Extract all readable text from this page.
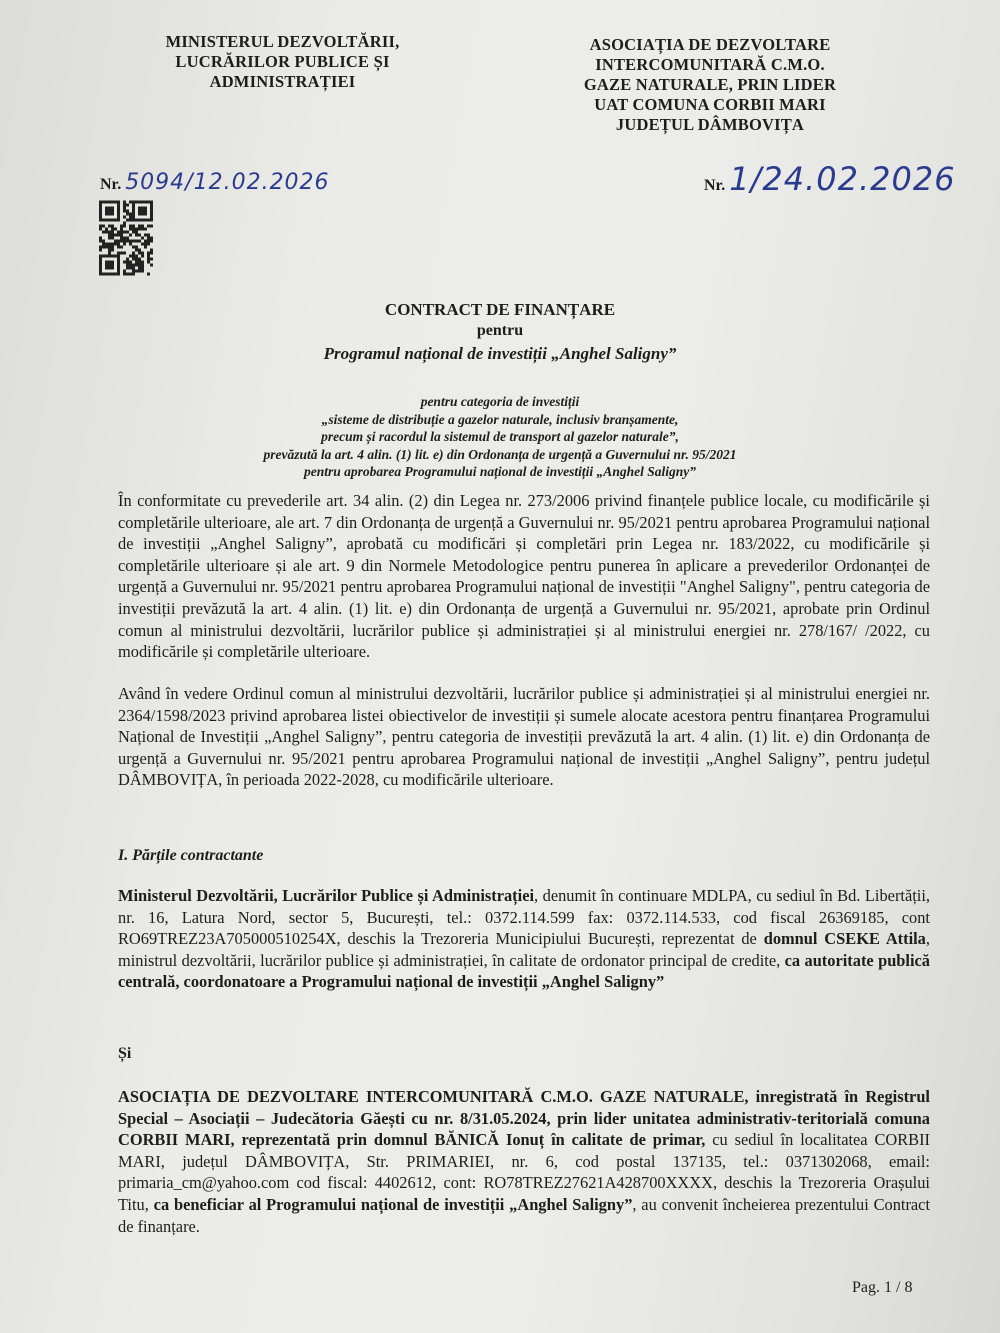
MINISTERUL DEZVOLTĂRII,
LUCRĂRILOR PUBLICE ȘI
ADMINISTRAȚIEI
ASOCIAȚIA DE DEZVOLTARE
INTERCOMUNITARĂ C.M.O.
GAZE NATURALE, PRIN LIDER
UAT COMUNA CORBII MARI
JUDEȚUL DÂMBOVIȚA
Nr. 5094/12.02.2026	Nr. 1/24.02.2026
CONTRACT DE FINANȚARE
pentru
Programul național de investiții „Anghel Saligny”
pentru categoria de investiții
„sisteme de distribuție a gazelor naturale, inclusiv branșamente,
precum și racordul la sistemul de transport al gazelor naturale”,
prevăzută la art. 4 alin. (1) lit. e) din Ordonanța de urgență a Guvernului nr. 95/2021
pentru aprobarea Programului național de investiții „Anghel Saligny”
În conformitate cu prevederile art. 34 alin. (2) din Legea nr. 273/2006 privind finanțele publice locale, cu modificările și completările ulterioare, ale art. 7 din Ordonanța de urgență a Guvernului nr. 95/2021 pentru aprobarea Programului național de investiții „Anghel Saligny”, aprobată cu modificări și completări prin Legea nr. 183/2022, cu modificările și completările ulterioare și ale art. 9 din Normele Metodologice pentru punerea în aplicare a prevederilor Ordonanței de urgență a Guvernului nr. 95/2021 pentru aprobarea Programului național de investiții "Anghel Saligny", pentru categoria de investiții prevăzută la art. 4 alin. (1) lit. e) din Ordonanța de urgență a Guvernului nr. 95/2021, aprobate prin Ordinul comun al ministrului dezvoltării, lucrărilor publice și administrației și al ministrului energiei nr. 278/167/ /2022, cu modificările și completările ulterioare.
Având în vedere Ordinul comun al ministrului dezvoltării, lucrărilor publice și administrației și al ministrului energiei nr. 2364/1598/2023 privind aprobarea listei obiectivelor de investiții și sumele alocate acestora pentru finanțarea Programului Național de Investiții „Anghel Saligny”, pentru categoria de investiții prevăzută la art. 4 alin. (1) lit. e) din Ordonanța de urgență a Guvernului nr. 95/2021 pentru aprobarea Programului național de investiții „Anghel Saligny”, pentru județul DÂMBOVIȚA, în perioada 2022-2028, cu modificările ulterioare.
I. Părțile contractante
Ministerul Dezvoltării, Lucrărilor Publice și Administrației, denumit în continuare MDLPA, cu sediul în Bd. Libertății, nr. 16, Latura Nord, sector 5, București, tel.: 0372.114.599 fax: 0372.114.533, cod fiscal 26369185, cont RO69TREZ23A705000510254X, deschis la Trezoreria Municipiului București, reprezentat de domnul CSEKE Attila, ministrul dezvoltării, lucrărilor publice și administrației, în calitate de ordonator principal de credite, ca autoritate publică centrală, coordonatoare a Programului național de investiții „Anghel Saligny”
Și
ASOCIAȚIA DE DEZVOLTARE INTERCOMUNITARĂ C.M.O. GAZE NATURALE, inregistrată în Registrul Special – Asociații – Judecătoria Găești cu nr. 8/31.05.2024, prin lider unitatea administrativ-teritorială comuna CORBII MARI, reprezentată prin domnul BĂNICĂ Ionuț în calitate de primar, cu sediul în localitatea CORBII MARI, județul DÂMBOVIȚA, Str. PRIMARIEI, nr. 6, cod postal 137135, tel.: 0371302068, email: primaria_cm@yahoo.com cod fiscal: 4402612, cont: RO78TREZ27621A428700XXXX, deschis la Trezoreria Orașului Titu, ca beneficiar al Programului național de investiții „Anghel Saligny”, au convenit încheierea prezentului Contract de finanțare.
Pag. 1 / 8
